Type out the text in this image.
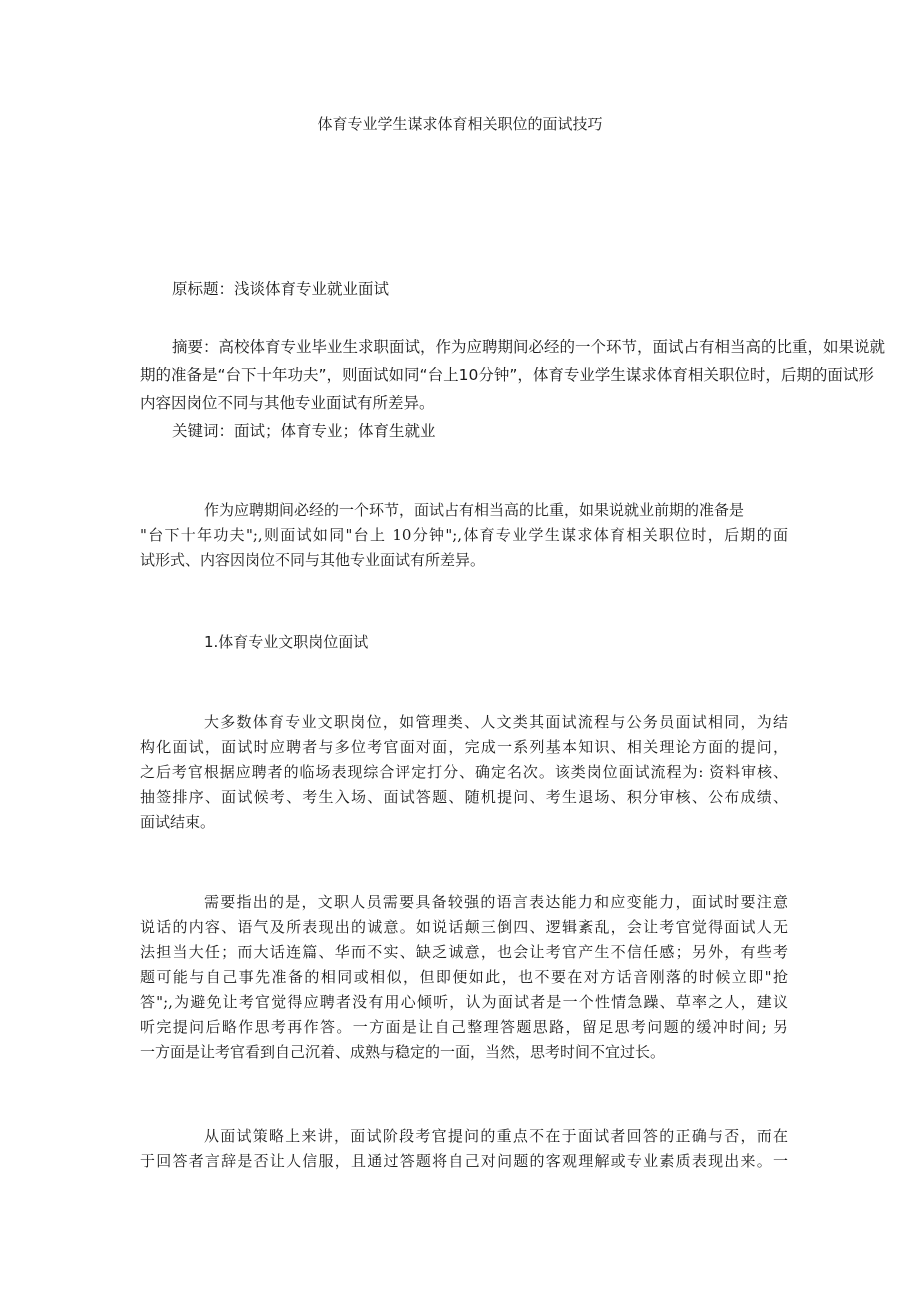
体育专业学生谋求体育相关职位的面试技巧
原标题：浅谈体育专业就业面试
摘要：高校体育专业毕业生求职面试，作为应聘期间必经的一个环节，面试占有相当高的比重，如果说就
期的准备是“台下十年功夫”，则面试如同“台上10分钟”，体育专业学生谋求体育相关职位时，后期的面试形
内容因岗位不同与其他专业面试有所差异。
关键词：面试；体育专业；体育生就业
作为应聘期间必经的一个环节，面试占有相当高的比重，如果说就业前期的准备是
"台下十年功夫";,则面试如同"台上 10分钟";,体育专业学生谋求体育相关职位时，后期的面
试形式、内容因岗位不同与其他专业面试有所差异。
1.体育专业文职岗位面试
大多数体育专业文职岗位，如管理类、人文类其面试流程与公务员面试相同，为结
构化面试，面试时应聘者与多位考官面对面，完成一系列基本知识、相关理论方面的提问，
之后考官根据应聘者的临场表现综合评定打分、确定名次。该类岗位面试流程为: 资料审核、
抽签排序、面试候考、考生入场、面试答题、随机提问、考生退场、积分审核、公布成绩、
面试结束。
需要指出的是，文职人员需要具备较强的语言表达能力和应变能力，面试时要注意
说话的内容、语气及所表现出的诚意。如说话颠三倒四、逻辑紊乱，会让考官觉得面试人无
法担当大任；而大话连篇、华而不实、缺乏诚意，也会让考官产生不信任感；另外，有些考
题可能与自己事先准备的相同或相似，但即便如此，也不要在对方话音刚落的时候立即"抢
答";,为避免让考官觉得应聘者没有用心倾听，认为面试者是一个性情急躁、草率之人，建议
听完提问后略作思考再作答。一方面是让自己整理答题思路，留足思考问题的缓冲时间; 另
一方面是让考官看到自己沉着、成熟与稳定的一面，当然，思考时间不宜过长。
从面试策略上来讲，面试阶段考官提问的重点不在于面试者回答的正确与否，而在
于回答者言辞是否让人信服，且通过答题将自己对问题的客观理解或专业素质表现出来。一
